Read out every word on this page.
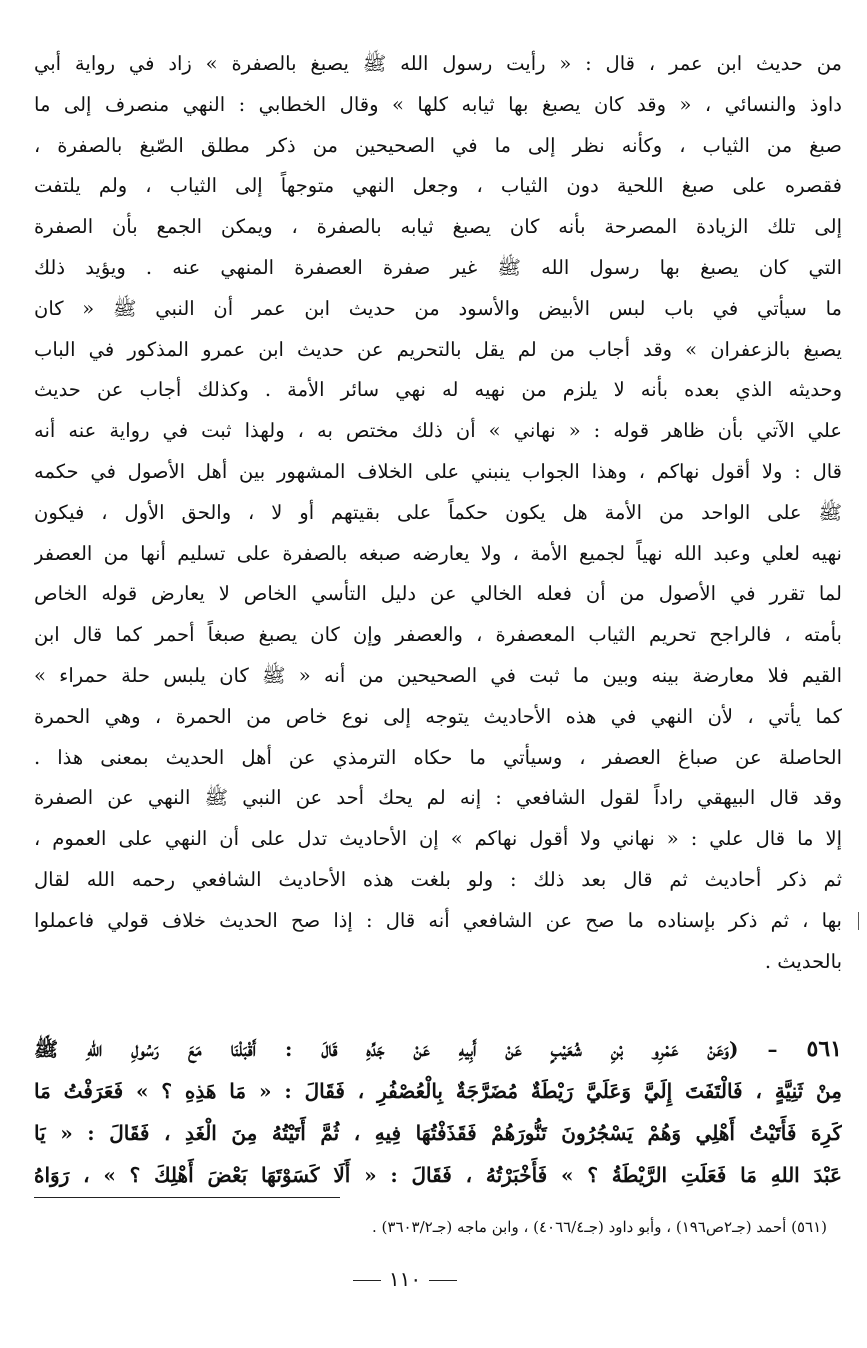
من حديث ابن عمر ، قال : « رأيت رسول الله ﷺ يصبغ بالصفرة » زاد في رواية أبي
داوذ والنسائي ، « وقد كان يصبغ بها ثيابه كلها » وقال الخطابي : النهي منصرف إلى ما
صبغ من الثياب ، وكأنه نظر إلى ما في الصحيحين من ذكر مطلق الصّبغ بالصفرة ،
فقصره على صبغ اللحية دون الثياب ، وجعل النهي متوجهاً إلى الثياب ، ولم يلتفت
إلى تلك الزيادة المصرحة بأنه كان يصبغ ثيابه بالصفرة ، ويمكن الجمع بأن الصفرة
التي كان يصبغ بها رسول الله ﷺ غير صفرة العصفرة المنهي عنه . ويؤيد ذلك
ما سيأتي في باب لبس الأبيض والأسود من حديث ابن عمر أن النبي ﷺ « كان
يصبغ بالزعفران » وقد أجاب من لم يقل بالتحريم عن حديث ابن عمرو المذكور في الباب
وحديثه الذي بعده بأنه لا يلزم من نهيه له نهي سائر الأمة . وكذلك أجاب عن حديث
علي الآتي بأن ظاهر قوله : « نهاني » أن ذلك مختص به ، ولهذا ثبت في رواية عنه أنه
قال : ولا أقول نهاكم ، وهذا الجواب ينبني على الخلاف المشهور بين أهل الأصول في حكمه
ﷺ على الواحد من الأمة هل يكون حكماً على بقيتهم أو لا ، والحق الأول ، فيكون
نهيه لعلي وعبد الله نهياً لجميع الأمة ، ولا يعارضه صبغه بالصفرة على تسليم أنها من العصفر
لما تقرر في الأصول من أن فعله الخالي عن دليل التأسي الخاص لا يعارض قوله الخاص
بأمته ، فالراجح تحريم الثياب المعصفرة ، والعصفر وإن كان يصبغ صبغاً أحمر كما قال ابن
القيم فلا معارضة بينه وبين ما ثبت في الصحيحين من أنه « ﷺ كان يلبس حلة حمراء »
كما يأتي ، لأن النهي في هذه الأحاديث يتوجه إلى نوع خاص من الحمرة ، وهي الحمرة
الحاصلة عن صباغ العصفر ، وسيأتي ما حكاه الترمذي عن أهل الحديث بمعنى هذا .
وقد قال البيهقي راداً لقول الشافعي : إنه لم يحك أحد عن النبي ﷺ النهي عن الصفرة
إلا ما قال علي : « نهاني ولا أقول نهاكم » إن الأحاديث تدل على أن النهي على العموم ،
ثم ذكر أحاديث ثم قال بعد ذلك : ولو بلغت هذه الأحاديث الشافعي رحمه الله لقال
بها ، ثم ذكر بإسناده ما صح عن الشافعي أنه قال : إذا صح الحديث خلاف قولي فاعملوا
بالحديث .
٥٦١ – (وَعَنْ عَمْرِو بْنِ شُعَيْبٍ عَنْ أَبِيهِ عَنْ جَدِّهِ قَالَ : أَقْبَلْنَا مَعَ رَسُولِ اللهِ ﷺ
مِنْ ثَنِيَّةٍ ، فَالْتَفَتَ إِلَيَّ وَعَلَيَّ رَيْطَةٌ مُضَرَّجَةٌ بِالْعُصْفُرِ ، فَقَالَ : « مَا هَذِهِ ؟ » فَعَرَفْتُ مَا
كَرِهَ فَأَتَيْتُ أَهْلِي وَهُمْ يَسْجُرُونَ تَنُّورَهُمْ فَقَذَفْتُهَا فِيهِ ، ثُمَّ أَتَيْتُهُ مِنَ الْغَدِ ، فَقَالَ : « يَا
عَبْدَ اللهِ مَا فَعَلَتِ الرَّيْطَةُ ؟ » فَأَخْبَرْتُهُ ، فَقَالَ : « أَلَا كَسَوْتَهَا بَعْضَ أَهْلِكَ ؟ » ، رَوَاهُ
(٥٦١) أحمد (جـ٢ص١٩٦) ، وأبو داود (جـ٤٠٦٦/٤) ، وابن ماجه (جـ٣٦٠٣/٢) .
١١٠
